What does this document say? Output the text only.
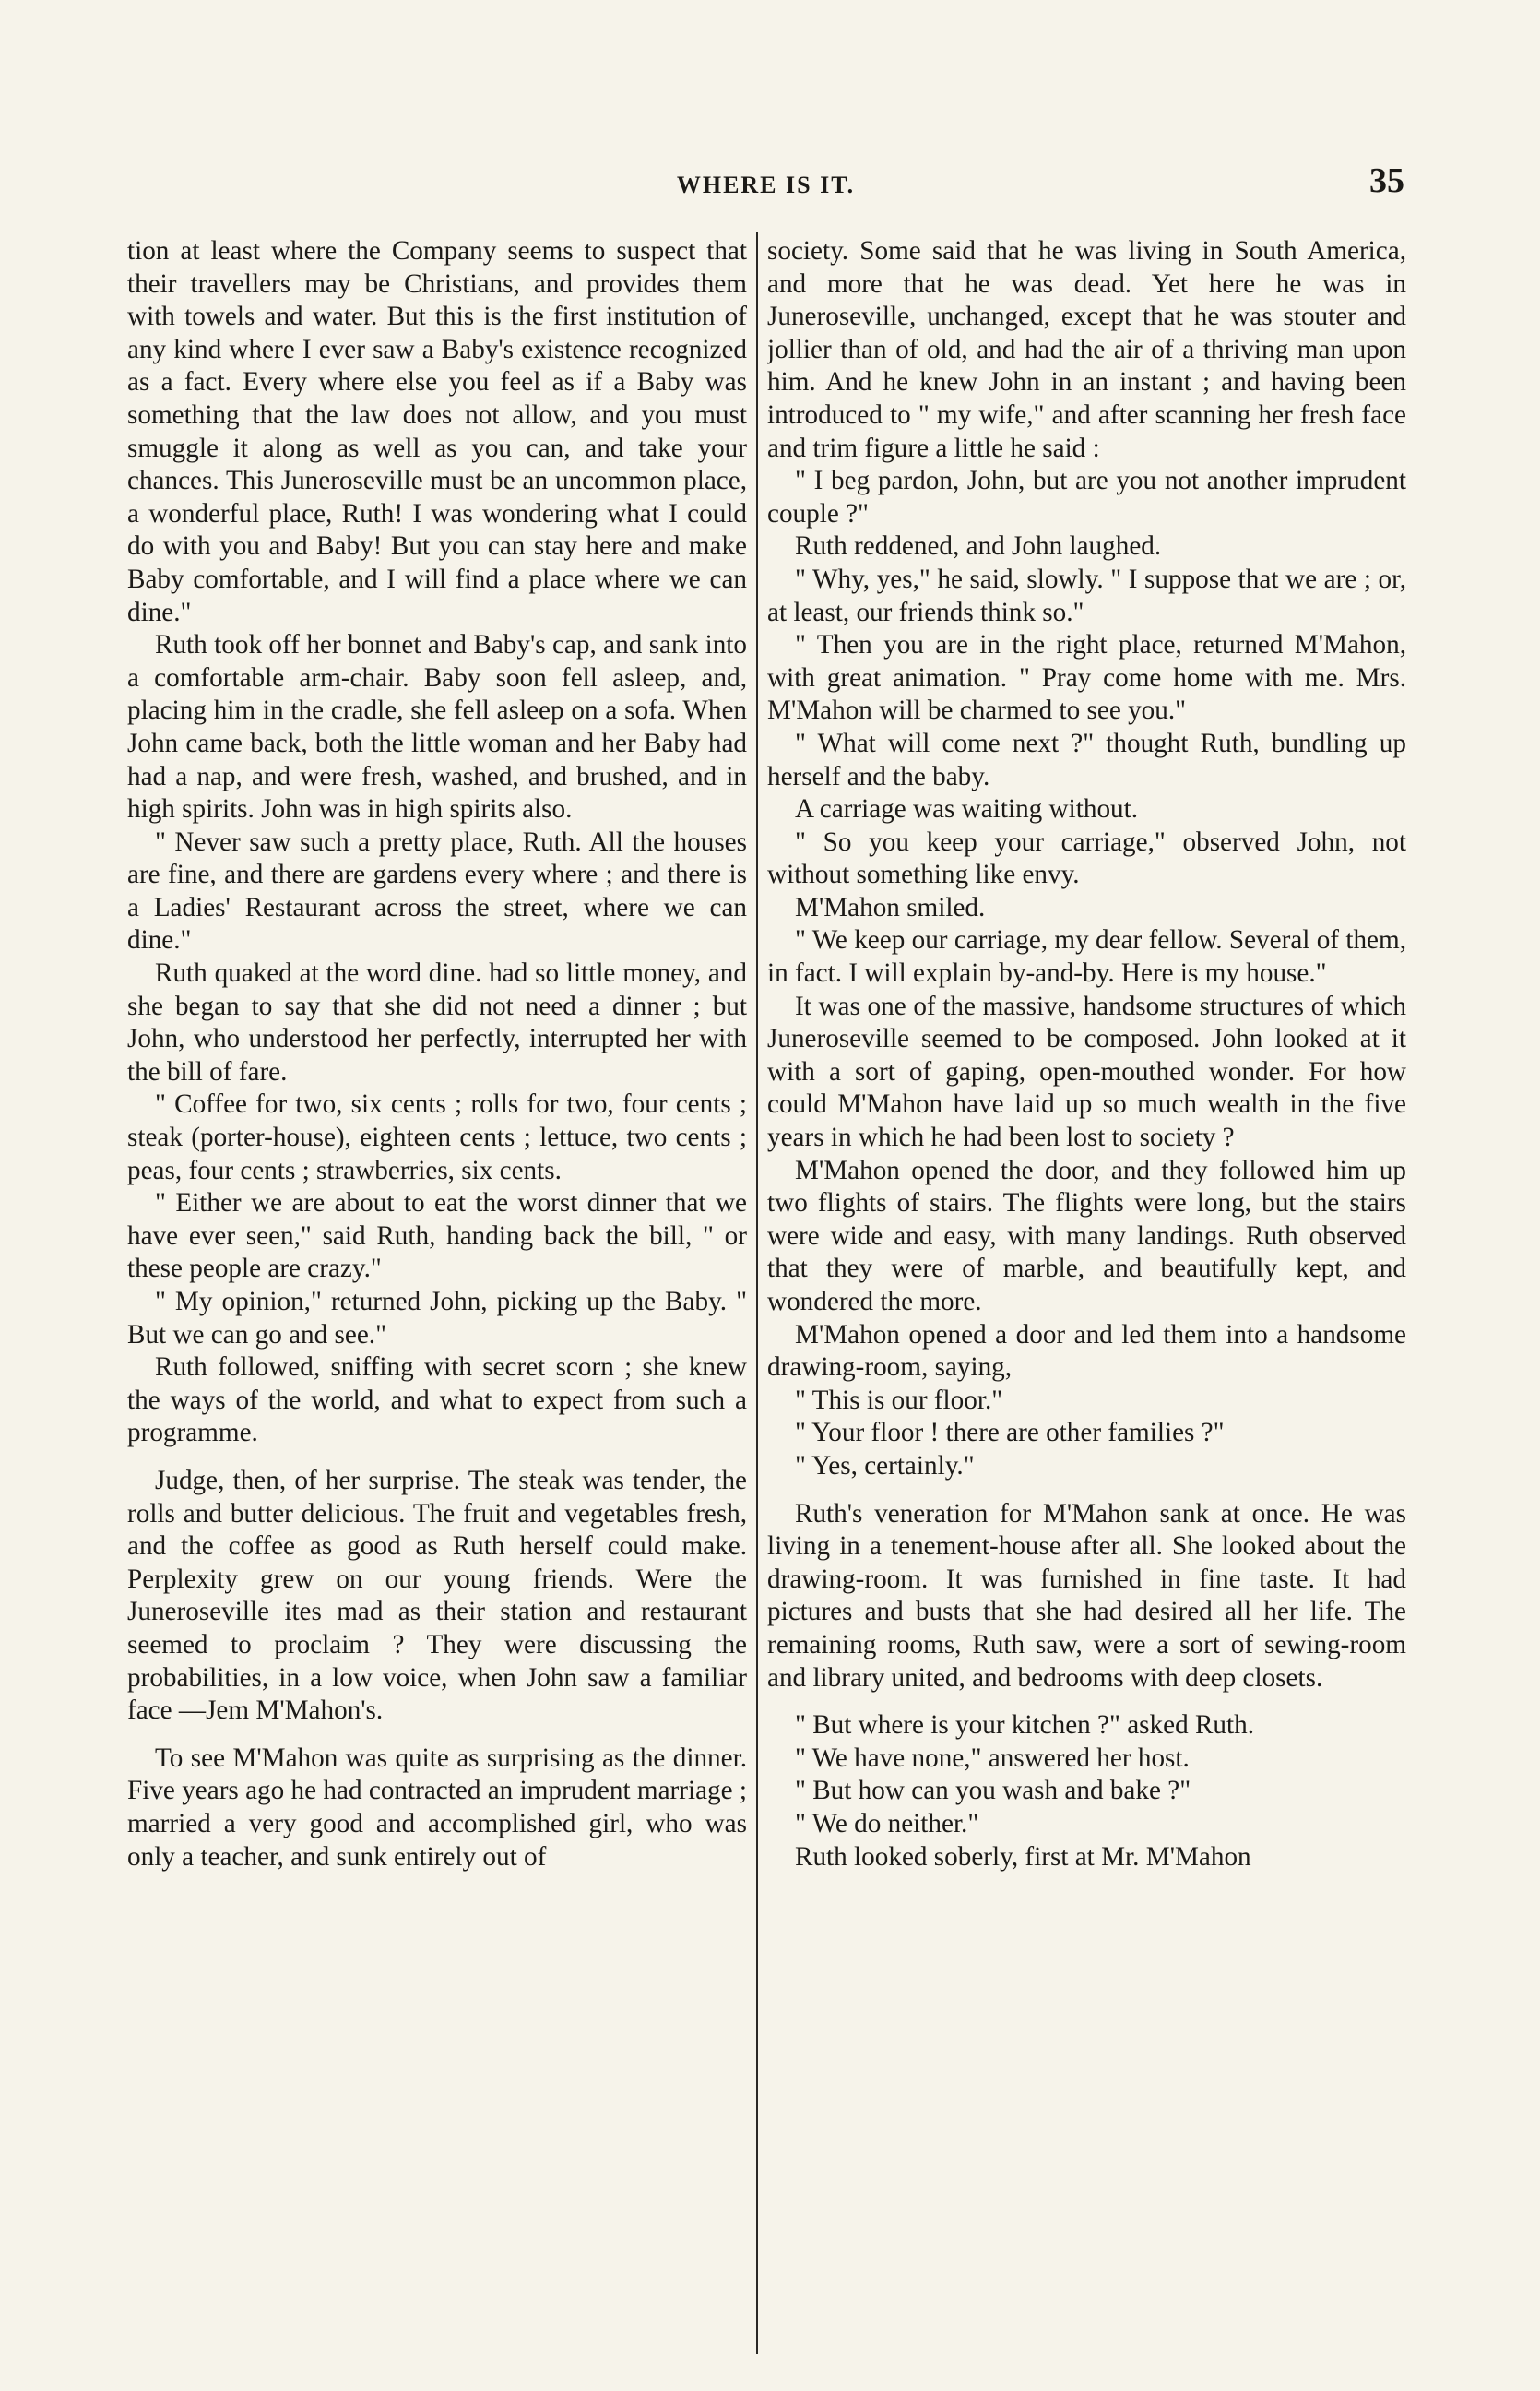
WHERE IS IT.	35

tion at least where the Company seems to suspect that their travellers may be Christians, and provides them with towels and water. But this is the first institution of any kind where I ever saw a Baby's existence recognized as a fact. Every where else you feel as if a Baby was something that the law does not allow, and you must smuggle it along as well as you can, and take your chances. This Juneroseville must be an uncommon place, a wonderful place, Ruth! I was wondering what I could do with you and Baby! But you can stay here and make Baby comfortable, and I will find a place where we can dine."

Ruth took off her bonnet and Baby's cap, and sank into a comfortable arm-chair. Baby soon fell asleep, and, placing him in the cradle, she fell asleep on a sofa. When John came back, both the little woman and her Baby had had a nap, and were fresh, washed, and brushed, and in high spirits. John was in high spirits also.

" Never saw such a pretty place, Ruth. All the houses are fine, and there are gardens every where ; and there is a Ladies' Restaurant across the street, where we can dine."

Ruth quaked at the word dine. had so little money, and she began to say that she did not need a dinner ; but John, who understood her perfectly, interrupted her with the bill of fare.

" Coffee for two, six cents ; rolls for two, four cents ; steak (porter-house), eighteen cents ; lettuce, two cents ; peas, four cents ; strawberries, six cents.

" Either we are about to eat the worst dinner that we have ever seen," said Ruth, handing back the bill, " or these people are crazy."

" My opinion," returned John, picking up the Baby. " But we can go and see."

Ruth followed, sniffing with secret scorn ; she knew the ways of the world, and what to expect from such a programme.

Judge, then, of her surprise. The steak was tender, the rolls and butter delicious. The fruit and vegetables fresh, and the coffee as good as Ruth herself could make. Perplexity grew on our young friends. Were the Juneroseville ites mad as their station and restaurant seemed to proclaim ? They were discussing the probabilities, in a low voice, when John saw a familiar face —Jem M'Mahon's.

To see M'Mahon was quite as surprising as the dinner. Five years ago he had contracted an imprudent marriage ; married a very good and accomplished girl, who was only a teacher, and sunk entirely out of

society. Some said that he was living in South America, and more that he was dead. Yet here he was in Juneroseville, unchanged, except that he was stouter and jollier than of old, and had the air of a thriving man upon him. And he knew John in an instant ; and having been introduced to " my wife," and after scanning her fresh face and trim figure a little he said :

" I beg pardon, John, but are you not another imprudent couple ?"

Ruth reddened, and John laughed.

" Why, yes," he said, slowly. " I suppose that we are ; or, at least, our friends think so."

" Then you are in the right place, returned M'Mahon, with great animation. " Pray come home with me. Mrs. M'Mahon will be charmed to see you."

" What will come next ?" thought Ruth, bundling up herself and the baby.

A carriage was waiting without.

" So you keep your carriage," observed John, not without something like envy.

M'Mahon smiled.

" We keep our carriage, my dear fellow. Several of them, in fact. I will explain by-and-by. Here is my house."

It was one of the massive, handsome structures of which Juneroseville seemed to be composed. John looked at it with a sort of gaping, open-mouthed wonder. For how could M'Mahon have laid up so much wealth in the five years in which he had been lost to society ?

M'Mahon opened the door, and they followed him up two flights of stairs. The flights were long, but the stairs were wide and easy, with many landings. Ruth observed that they were of marble, and beautifully kept, and wondered the more.

M'Mahon opened a door and led them into a handsome drawing-room, saying,

" This is our floor."

" Your floor ! there are other families ?"

" Yes, certainly."

Ruth's veneration for M'Mahon sank at once. He was living in a tenement-house after all. She looked about the drawing-room. It was furnished in fine taste. It had pictures and busts that she had desired all her life. The remaining rooms, Ruth saw, were a sort of sewing-room and library united, and bedrooms with deep closets.

" But where is your kitchen ?" asked Ruth.

" We have none," answered her host.

" But how can you wash and bake ?"

" We do neither."

Ruth looked soberly, first at Mr. M'Mahon
